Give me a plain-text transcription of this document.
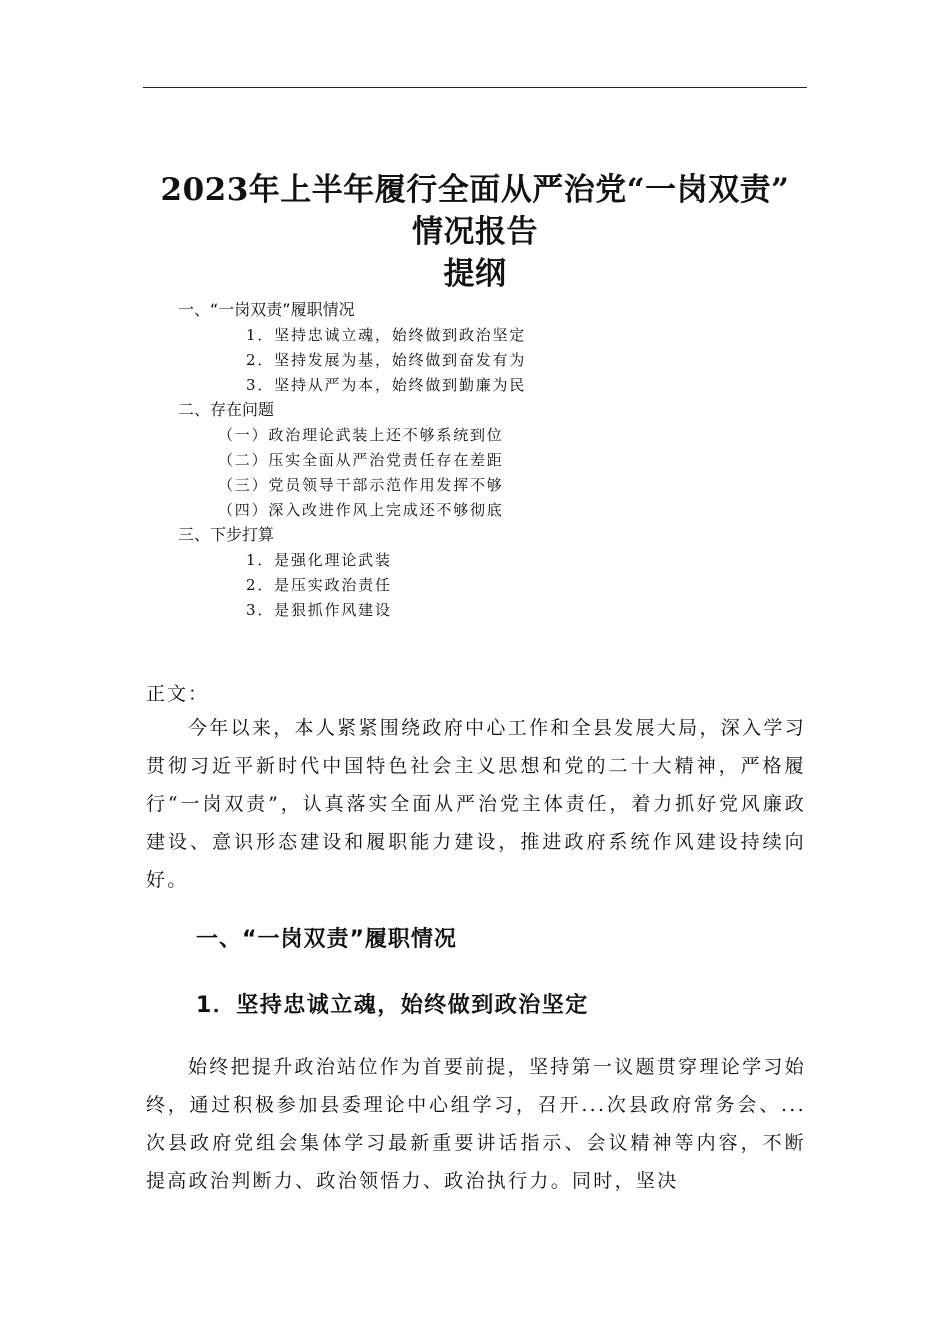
2023年上半年履行全面从严治党“一岗双责”
情况报告
提纲
一、“一岗双责”履职情况
1．坚持忠诚立魂，始终做到政治坚定
2．坚持发展为基，始终做到奋发有为
3．坚持从严为本，始终做到勤廉为民
二、存在问题
（一）政治理论武装上还不够系统到位
（二）压实全面从严治党责任存在差距
（三）党员领导干部示范作用发挥不够
（四）深入改进作风上完成还不够彻底
三、下步打算
1．是强化理论武装
2．是压实政治责任
3．是狠抓作风建设
正文：

今年以来，本人紧紧围绕政府中心工作和全县发展大局，深入学习贯彻习近平新时代中国特色社会主义思想和党的二十大精神，严格履行“一岗双责”，认真落实全面从严治党主体责任，着力抓好党风廉政建设、意识形态建设和履职能力建设，推进政府系统作风建设持续向好。

一、“一岗双责”履职情况
1．坚持忠诚立魂，始终做到政治坚定

始终把提升政治站位作为首要前提，坚持第一议题贯穿理论学习始终，通过积极参加县委理论中心组学习，召开...次县政府常务会、...次县政府党组会集体学习最新重要讲话指示、会议精神等内容，不断提高政治判断力、政治领悟力、政治执行力。同时，坚决
